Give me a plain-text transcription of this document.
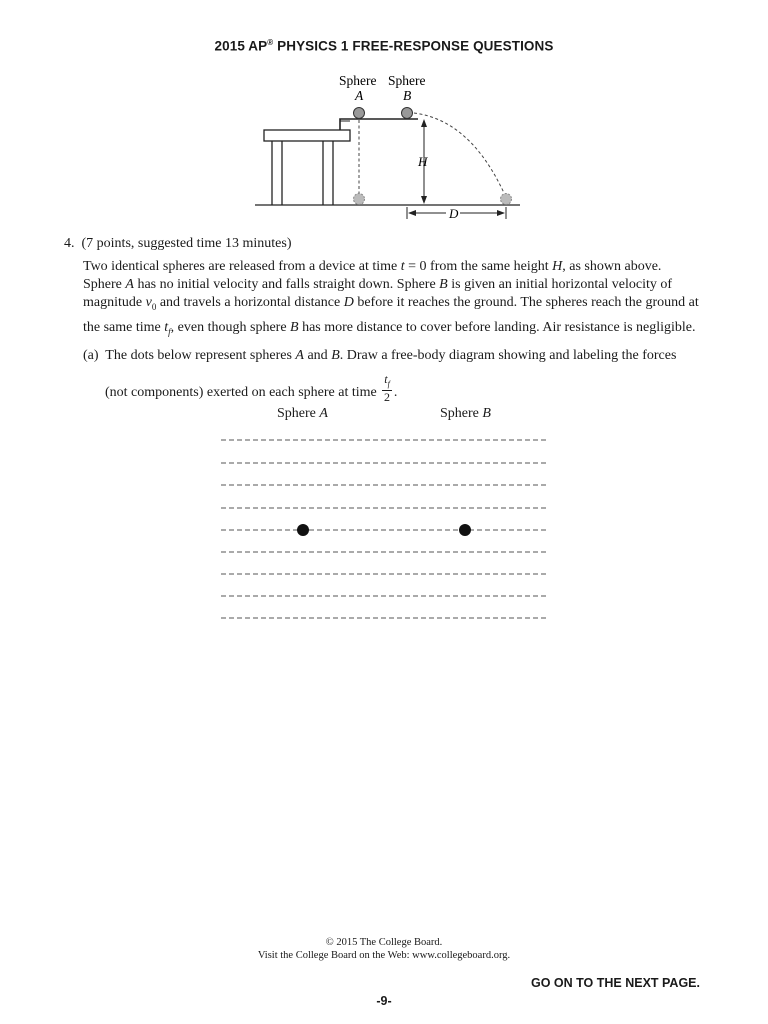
2015 AP® PHYSICS 1 FREE-RESPONSE QUESTIONS
H
D
Sphere
A
Sphere
B
4. (7 points, suggested time 13 minutes)
Two identical spheres are released from a device at time t = 0 from the same height H, as shown above.
Sphere A has no initial velocity and falls straight down. Sphere B is given an initial horizontal velocity of
magnitude $v_0$ and travels a horizontal distance D before it reaches the ground. The spheres reach the ground at
the same time $t_f$, even though sphere B has more distance to cover before landing. Air resistance is negligible.
(a) The dots below represent spheres A and B. Draw a free-body diagram showing and labeling the forces
(not components) exerted on each sphere at time $\frac{t_f}{2}$ .
Sphere A	Sphere B
© 2015 The College Board.
Visit the College Board on the Web: www.collegeboard.org.
GO ON TO THE NEXT PAGE.
-9-
